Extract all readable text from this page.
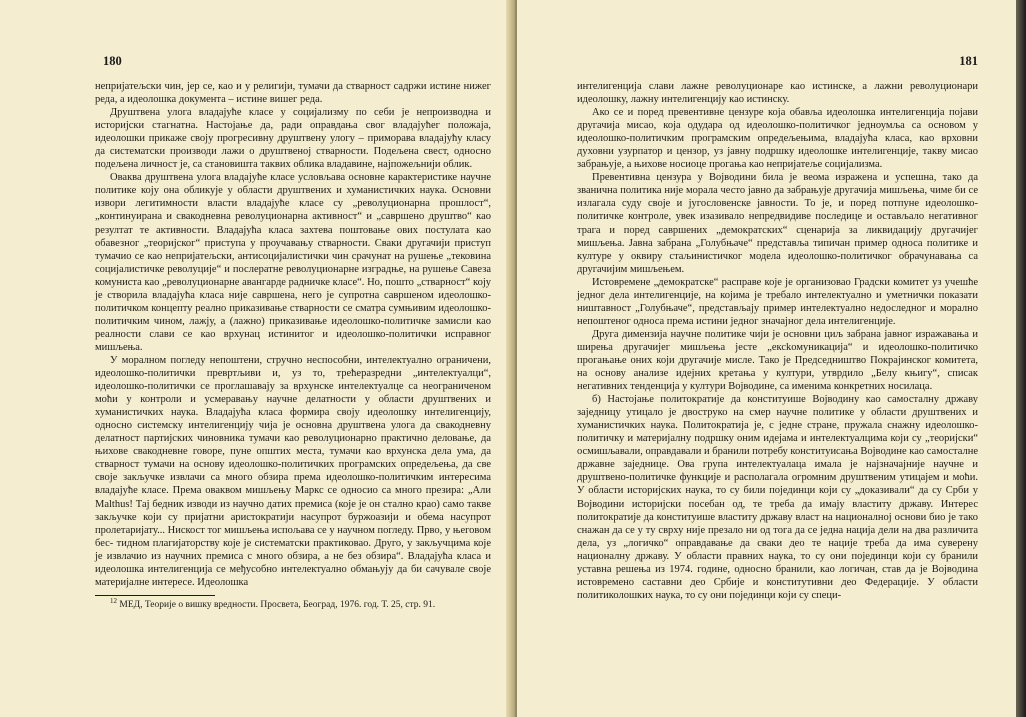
180

непријатељски чин, јер се, као и у религији, тумачи да стварност садржи истине нижег реда, а идеолошка документа – истине вишег реда.

Друштвена улога владајуће класе у социјализму по себи је непроизводна и историјски стагнатна. Настојање да, ради оправдања свог владајућег положаја, идеолошки прикаже своју прогресивну друштвену улогу – приморава владајућу класу да систематски производи лажи о друштвеној стварности. Подељена свест, односно подељена личност је, са становишта таквих облика владавине, најпожељнији облик.

Оваква друштвена улога владајуће класе условљава основне карактеристике научне политике коју она обликује у области друштвених и хуманистичких наука. Основни извори легитимности власти владајуће класе су „револуционарна прошлост“, „континуирана и свакодневна револуционарна активност“ и „савршено друштво“ као резултат те активности. Владајућа класа захтева поштовање ових постулата као обавезног „теоријског“ приступа у проучавању стварности. Сваки другачији приступ тумачио се као непријатељски, антисоцијалистички чин срачунат на рушење „тековина социјалистичке револуције“ и послератне револуционарне изградње, на рушење Савеза комуниста као „револуционарне авангарде радничке класе“. Но, пошто „стварност“ коју је створила владајућа класа није савршена, него је супротна савршеном идеолошко-политичком концепту реално приказивање стварности се сматра сумњивим идеолошко-политичким чином, лажју, а (лажно) приказивање идеолошко-политичке замисли као реалности слави се као врхунац истинитог и идеолошко-политички исправног мишљења.

У моралном погледу непоштени, стручно неспособни, интелектуално ограничени, идеолошко-политички превртљиви и, уз то, трећеразредни „интелектуалци“, идеолошко-политички се проглашавају за врхунске интелектуалце са неограниченом моћи у контроли и усмеравању научне делатности у области друштвених и хуманистичких наука. Владајућа класа формира своју идеолошку интелигенцију, односно системску интелигенцију чија је основна друштвена улога да свакодневну делатност партијских чиновника тумачи као револуционарно практично деловање, да њихове свакодневне говоре, пуне општих места, тумачи као врхунска дела ума, да стварност тумачи на основу идеолошко-политичких програмских опредељења, да све своје закључке извлачи са много обзира према идеолошко-политичким интересима владајуће класе. Према оваквом мишљењу Маркс се односио са много презира: „Али Malthus! Тај бедник изводи из научно датих премиса (које је он стално крао) само такве закључке који су пријатни аристократији насупрот буржоазији и обема насупрот пролетаријату... Нискост тог мишљења испољава се у научном погледу. Прво, у његовом бес- тидном плагијаторству које је систематски практиковао. Друго, у закључцима које је извлачио из научних премиса с много обзира, а не без обзира“. Владајућа класа и идеолошка интелигенција се међусобно интелектуално обмањују да би сачувале своје материјалне интересе. Идеолошка

$^{12}$ МЕД, Теорије о вишку вредности. Просвета, Београд, 1976. год. Т. 25, стр. 91.
181

интелигенција слави лажне револуционаре као истинске, а лажни револуционари идеолошку, лажну интелигенцију као истинску.

Ако се и поред превентивне цензуре која обавља идеолошка интелигенција појави другачија мисао, која одудара од идеолошко-политичког једноумља са основом у идеолошко-политичким програмским опредељењима, владајућа класа, као врховни духовни узурпатор и цензор, уз јавну подршку идеолошке интелигенције, такву мисао забрањује, а њихове носиоце прогања као непријатеље социјализма.

Превентивна цензура у Војводини била је веома изражена и успешна, тако да званична политика није морала често јавно да забрањује другачија мишљења, чиме би се излагала суду своје и југословенске јавности. То је, и поред потпуне идеолошко-политичке контроле, увек изазивало непредвидиве последице и остављало негативног трага и поред савршених „демократских“ сценарија за ликвидацију другачијег мишљења. Јавна забрана „Голубњаче“ представља типичан пример односа политике и културе у оквиру стаљинистичког модела идеолошко-политичког обрачунавања са другачијим мишљењем.

Истовремене „демократске“ расправе које је организовао Градски комитет уз учешће једног дела интелигенције, на којима је требало интелектуално и уметнички показати ништавност „Голубњаче“, представљају пример интелектуално недоследног и морално непоштеног односа према истини једног значајног дела интелигенције.

Друга димензија научне политике чији је основни циљ забрана јавног изражавања и ширења другачијег мишљења јесте „ексkомуникација“ и идеолошко-политичко прогањање оних који другачије мисле. Тако је Председништво Покрајинског комитета, на основу анализе идејних кретања у култури, утврдило „Белу књигу“, списак негативних тенденција у култури Војводине, са именима конкретних носилаца.

б) Настојање политократије да конституише Војводину као самосталну државу заједницу утицало је двоструко на смер научне политике у области друштвених и хуманистичких наука. Политократија је, с једне стране, пружала снажну идеолошко-политичку и материјалну подршку оним идејама и интелектуалцима који су „теоријски“ осмишљавали, оправдавали и бранили потребу конституисања Војводине као самосталне државне заједнице. Ова група интелектуалаца имала је најзначајније научне и друштвено-политичке функције и располагала огромним друштвеним утицајем и моћи. У области историјских наука, то су били појединци који су „доказивали“ да су Срби у Војводини историјски посебан од, те треба да имају властиту државу. Интерес политократије да конституише властиту државу власт на националној основи био је тако снажан да се у ту сврху није презало ни од тога да се једна нација дели на два различита дела, уз „логичко“ оправдавање да сваки део те нације треба да има суверену националну државу. У области правних наука, то су они појединци који су бранили уставна решења из 1974. године, односно бранили, као логичан, став да је Војводина истовремено саставни део Србије и конститутивни део Федерације. У области политиколошких наука, то су они појединци који су специ-
